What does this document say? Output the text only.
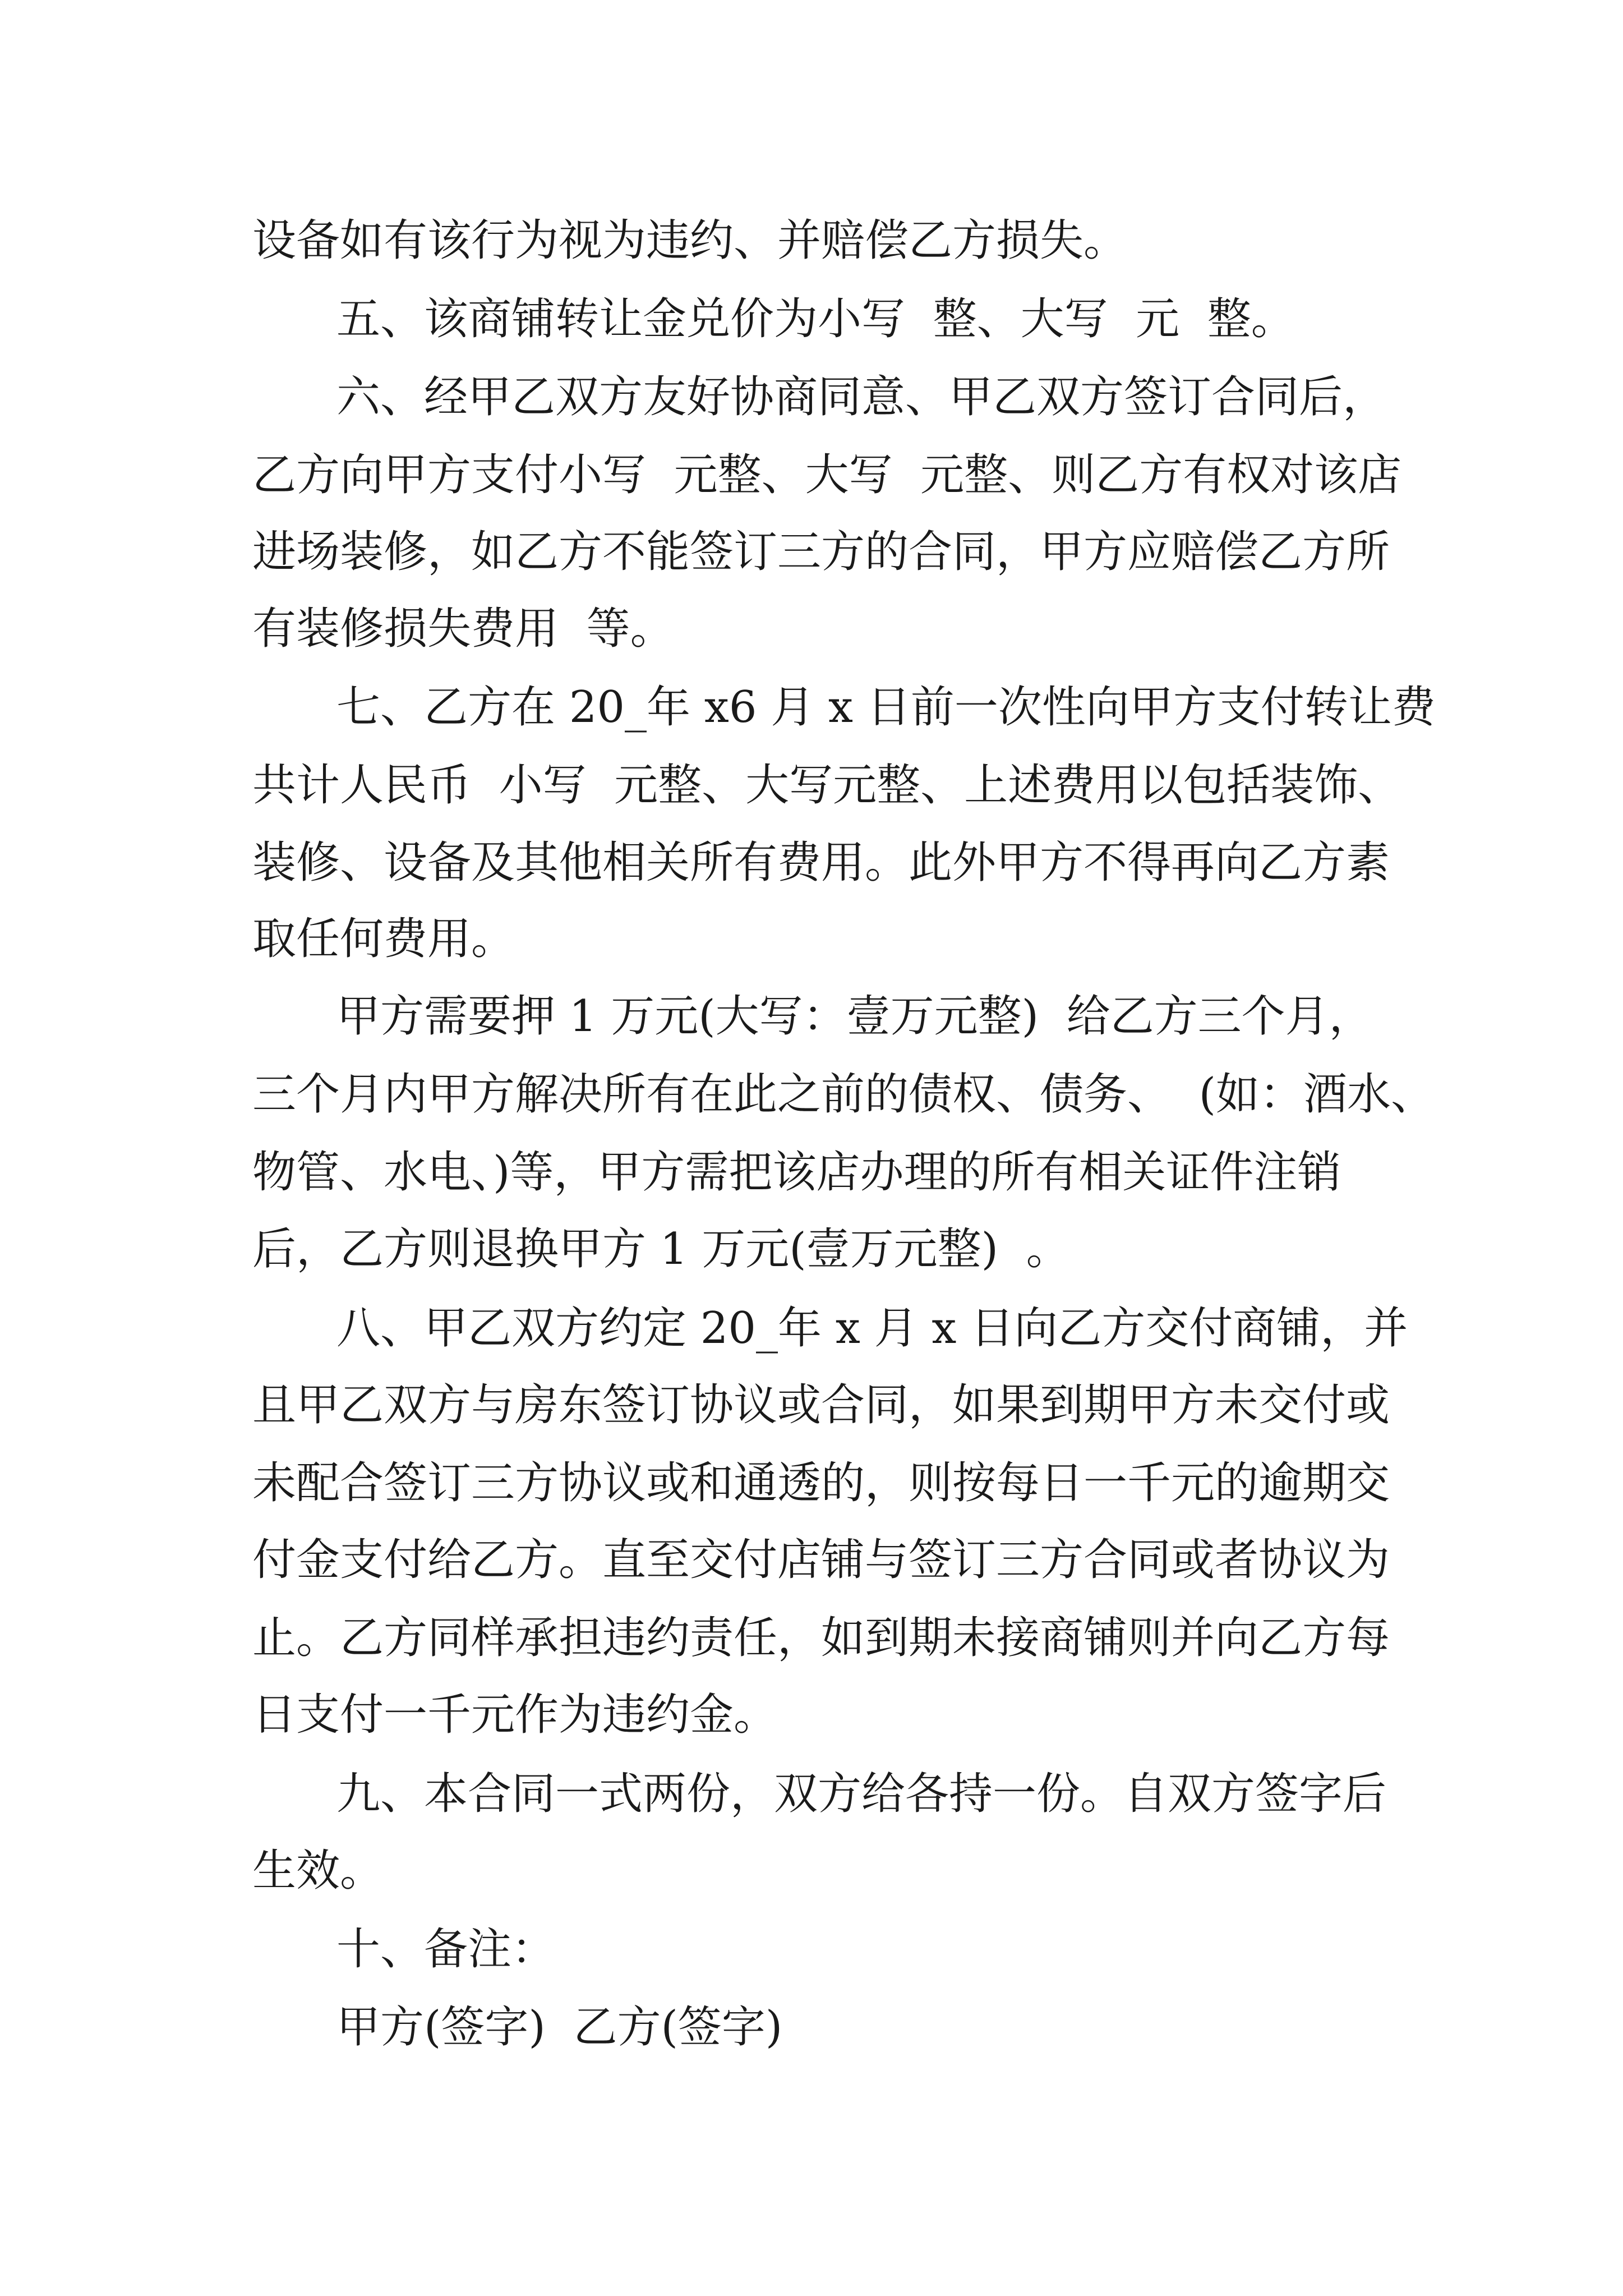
设备如有该行为视为违约、并赔偿乙方损失。

五、该商铺转让金兑价为小写  整、大写  元  整。

六、经甲乙双方友好协商同意、甲乙双方签订合同后，

乙方向甲方支付小写  元整、大写  元整、则乙方有权对该店

进场装修，如乙方不能签订三方的合同，甲方应赔偿乙方所

有装修损失费用  等。

七、乙方在 20_年 x6 月 x 日前一次性向甲方支付转让费

共计人民币  小写  元整、大写元整、上述费用以包括装饰、

装修、设备及其他相关所有费用。此外甲方不得再向乙方素

取任何费用。

甲方需要押 1 万元(大写：壹万元整)  给乙方三个月，

三个月内甲方解决所有在此之前的债权、债务、  (如：酒水、

物管、水电、)等，甲方需把该店办理的所有相关证件注销

后，乙方则退换甲方 1 万元(壹万元整)  。

八、甲乙双方约定 20_年 x 月 x 日向乙方交付商铺，并

且甲乙双方与房东签订协议或合同，如果到期甲方未交付或

未配合签订三方协议或和通透的，则按每日一千元的逾期交

付金支付给乙方。直至交付店铺与签订三方合同或者协议为

止。乙方同样承担违约责任，如到期未接商铺则并向乙方每

日支付一千元作为违约金。

九、本合同一式两份，双方给各持一份。自双方签字后

生效。

十、备注：

甲方(签字)  乙方(签字)
